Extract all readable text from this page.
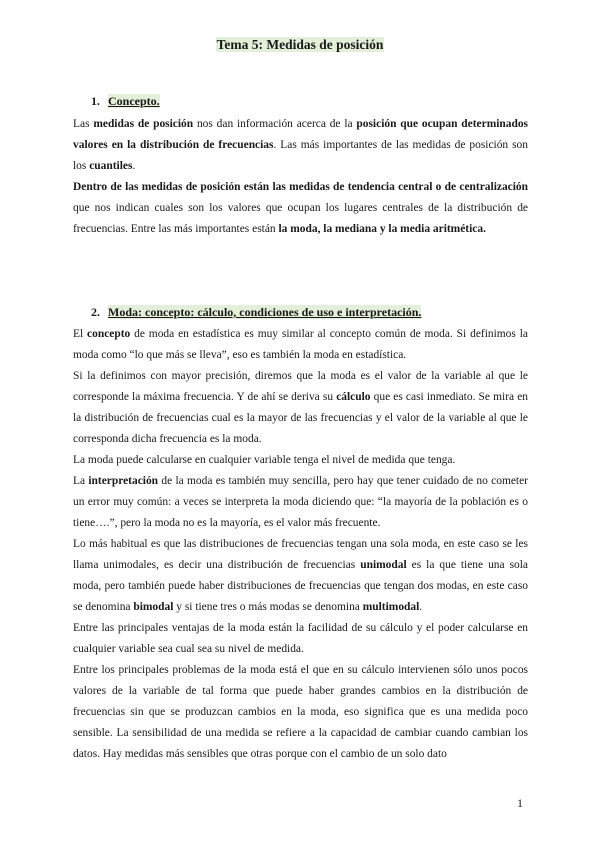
Tema 5: Medidas de posición
1. Concepto.

Las medidas de posición nos dan información acerca de la posición que ocupan determinados valores en la distribución de frecuencias. Las más importantes de las medidas de posición son los cuantiles.

Dentro de las medidas de posición están las medidas de tendencia central o de centralización que nos indican cuales son los valores que ocupan los lugares centrales de la distribución de frecuencias. Entre las más importantes están la moda, la mediana y la media aritmética.

2. Moda: concepto: cálculo, condiciones de uso e interpretación.

El concepto de moda en estadística es muy similar al concepto común de moda. Si definimos la moda como “lo que más se lleva”, eso es también la moda en estadística.

Si la definimos con mayor precisión, diremos que la moda es el valor de la variable al que le corresponde la máxima frecuencia. Y de ahí se deriva su cálculo que es casi inmediato. Se mira en la distribución de frecuencias cual es la mayor de las frecuencias y el valor de la variable al que le corresponda dicha frecuencia es la moda.

La moda puede calcularse en cualquier variable tenga el nivel de medida que tenga.

La interpretación de la moda es también muy sencilla, pero hay que tener cuidado de no cometer un error muy común: a veces se interpreta la moda diciendo que: “la mayoría de la población es o tiene….”, pero la moda no es la mayoría, es el valor más frecuente.

Lo más habitual es que las distribuciones de frecuencias tengan una sola moda, en este caso se les llama unimodales, es decir una distribución de frecuencias unimodal es la que tiene una sola moda, pero también puede haber distribuciones de frecuencias que tengan dos modas, en este caso se denomina bimodal y si tiene tres o más modas se denomina multimodal.

Entre las principales ventajas de la moda están la facilidad de su cálculo y el poder calcularse en cualquier variable sea cual sea su nivel de medida.

Entre los principales problemas de la moda está el que en su cálculo intervienen sólo unos pocos valores de la variable de tal forma que puede haber grandes cambios en la distribución de frecuencias sin que se produzcan cambios en la moda, eso significa que es una medida poco sensible. La sensibilidad de una medida se refiere a la capacidad de cambiar cuando cambian los datos. Hay medidas más sensibles que otras porque con el cambio de un solo dato

1
